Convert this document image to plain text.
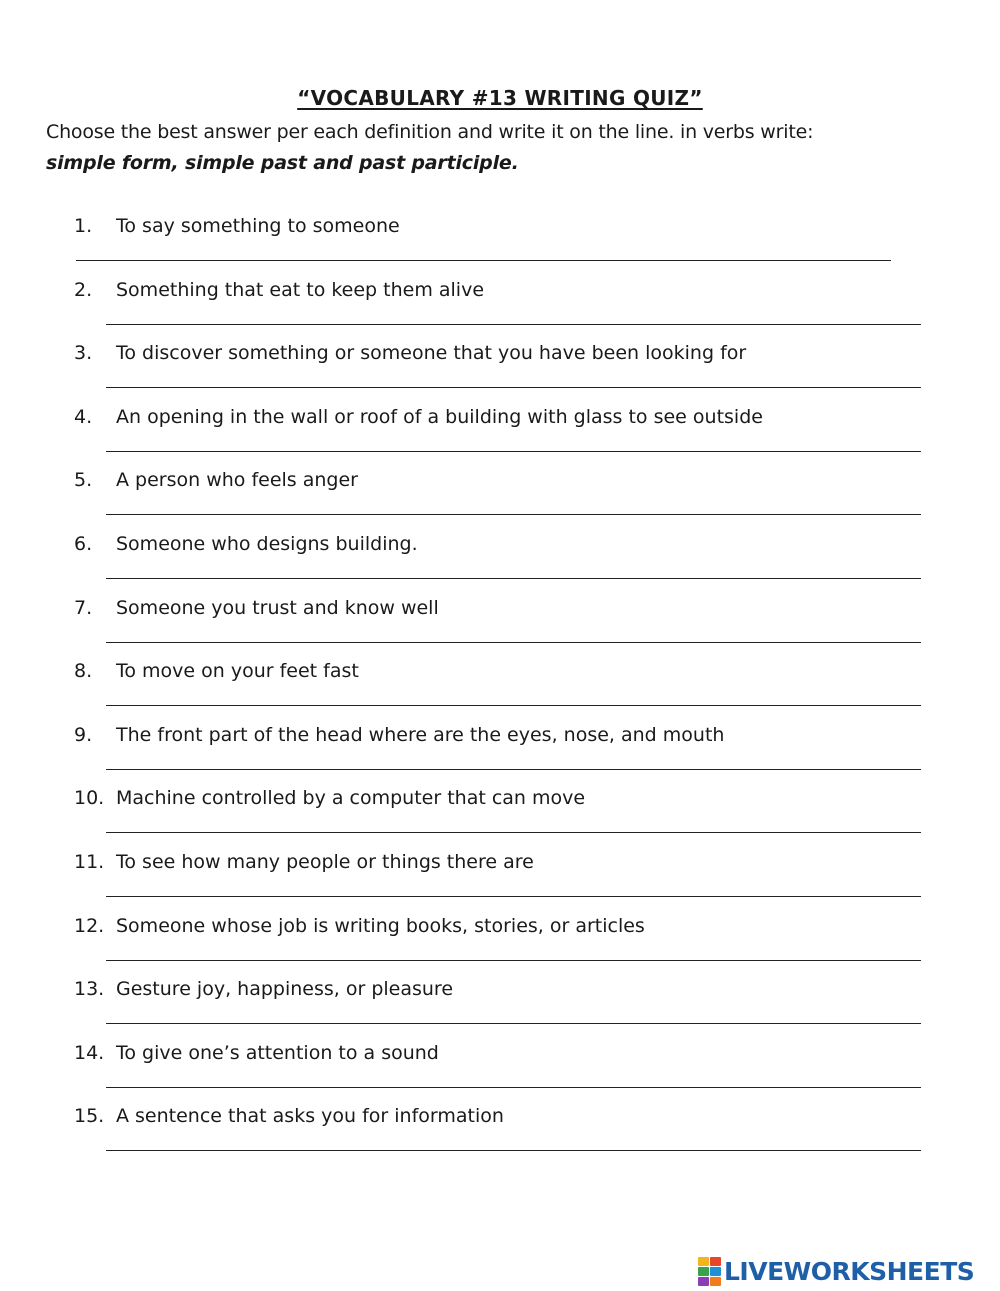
“VOCABULARY #13 WRITING QUIZ”
Choose the best answer per each definition and write it on the line. in verbs write:
simple form, simple past and past participle.
1. To say something to someone
2. Something that eat to keep them alive
3. To discover something or someone that you have been looking for
4. An opening in the wall or roof of a building with glass to see outside
5. A person who feels anger
6. Someone who designs building.
7. Someone you trust and know well
8. To move on your feet fast
9. The front part of the head where are the eyes, nose, and mouth
10. Machine controlled by a computer that can move
11. To see how many people or things there are
12. Someone whose job is writing books, stories, or articles
13. Gesture joy, happiness, or pleasure
14. To give one’s attention to a sound
15. A sentence that asks you for information
LIVEWORKSHEETS
